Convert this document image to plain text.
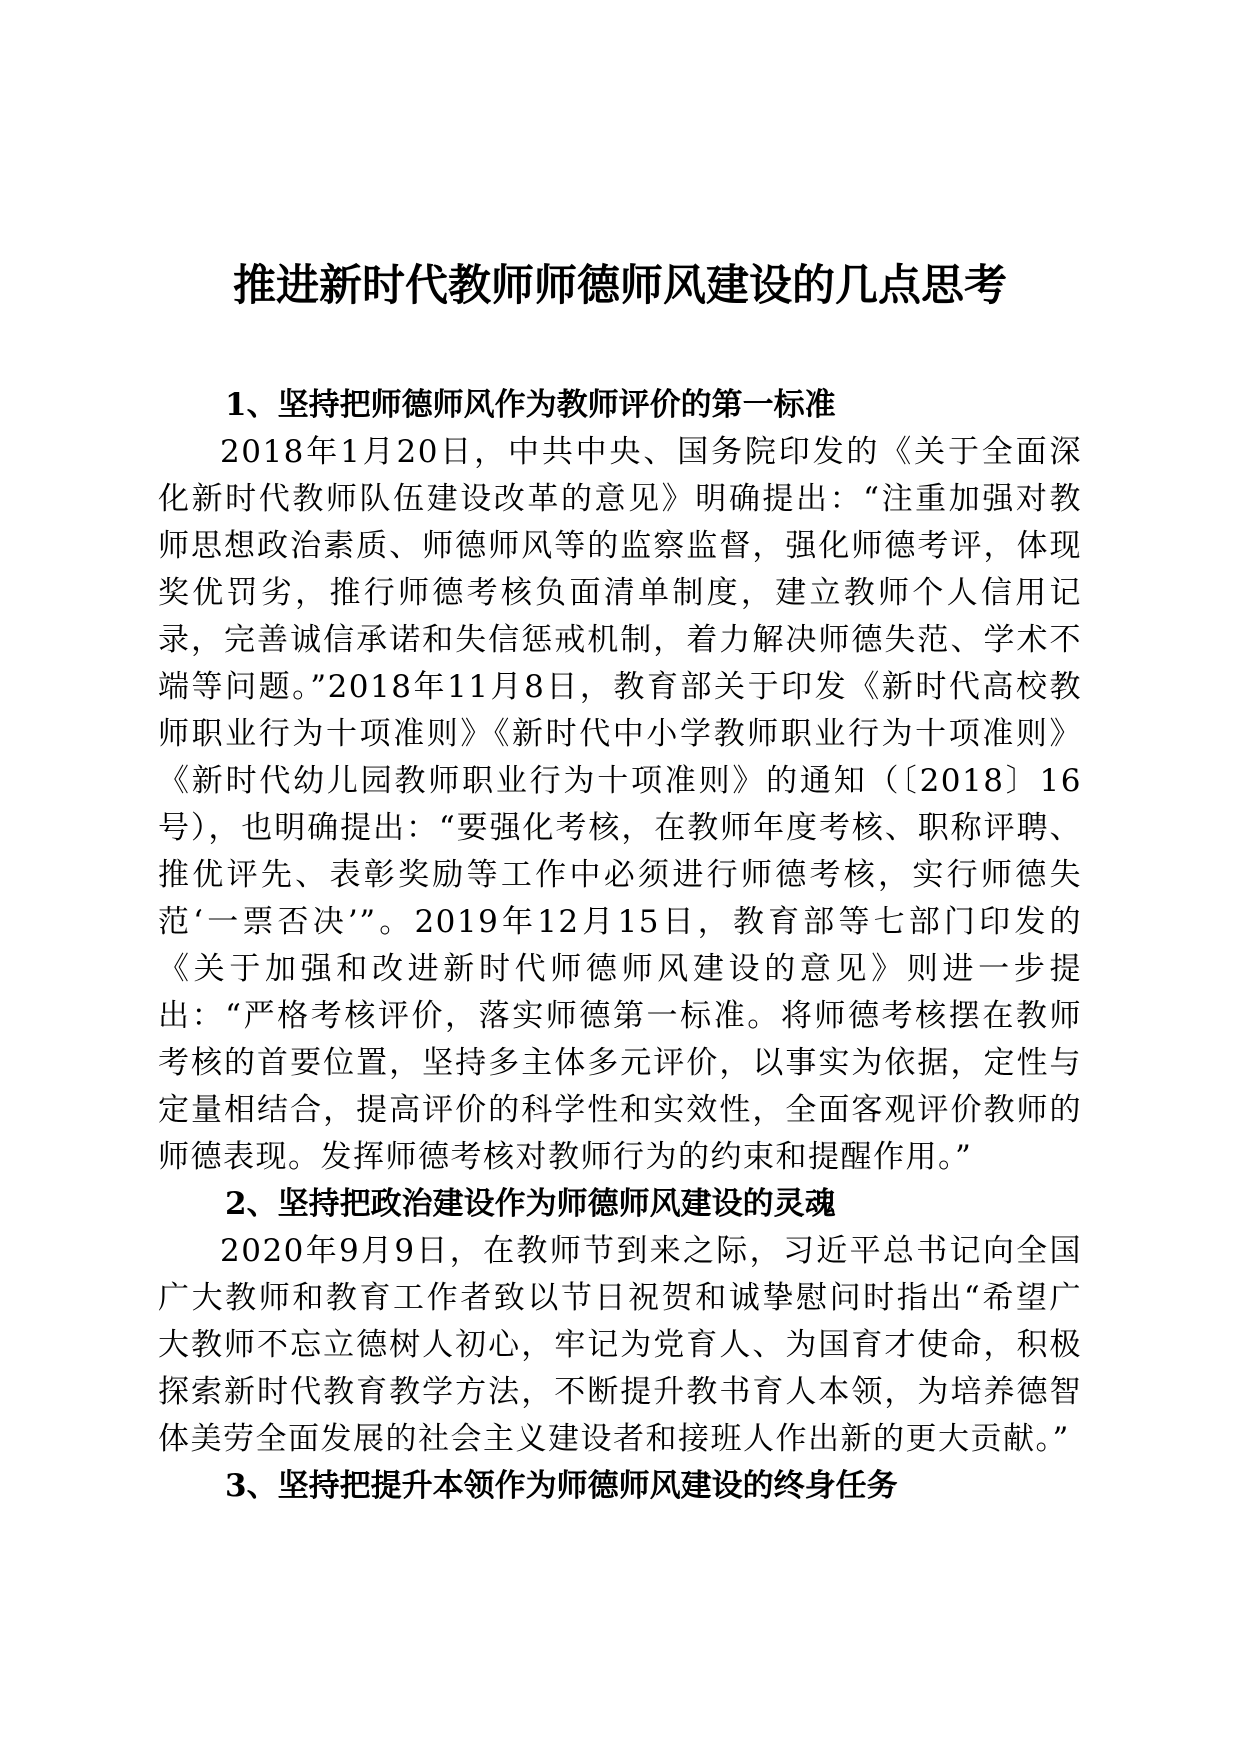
推进新时代教师师德师风建设的几点思考

1、坚持把师德师风作为教师评价的第一标准

2018年1月20日，中共中央、国务院印发的《关于全面深化新时代教师队伍建设改革的意见》明确提出：“注重加强对教师思想政治素质、师德师风等的监察监督，强化师德考评，体现奖优罚劣，推行师德考核负面清单制度，建立教师个人信用记录，完善诚信承诺和失信惩戒机制，着力解决师德失范、学术不端等问题。”2018年11月8日，教育部关于印发《新时代高校教师职业行为十项准则》《新时代中小学教师职业行为十项准则》《新时代幼儿园教师职业行为十项准则》的通知（〔2018〕16号），也明确提出：“要强化考核，在教师年度考核、职称评聘、推优评先、表彰奖励等工作中必须进行师德考核，实行师德失范‘一票否决’”。2019年12月15日，教育部等七部门印发的《关于加强和改进新时代师德师风建设的意见》则进一步提出：“严格考核评价，落实师德第一标准。将师德考核摆在教师考核的首要位置，坚持多主体多元评价，以事实为依据，定性与定量相结合，提高评价的科学性和实效性，全面客观评价教师的师德表现。发挥师德考核对教师行为的约束和提醒作用。”

2、坚持把政治建设作为师德师风建设的灵魂

2020年9月9日，在教师节到来之际，习近平总书记向全国广大教师和教育工作者致以节日祝贺和诚挚慰问时指出“希望广大教师不忘立德树人初心，牢记为党育人、为国育才使命，积极探索新时代教育教学方法，不断提升教书育人本领，为培养德智体美劳全面发展的社会主义建设者和接班人作出新的更大贡献。”

3、坚持把提升本领作为师德师风建设的终身任务
